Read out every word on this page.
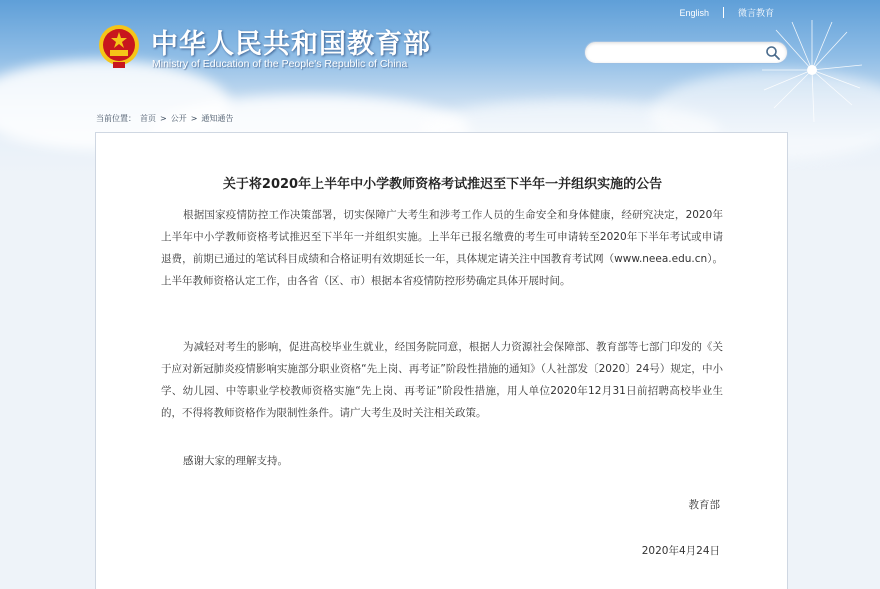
中华人民共和国教育部
Ministry of Education of the People's Republic of China
English	微言教育
当前位置： 首页 > 公开 > 通知通告
关于将2020年上半年中小学教师资格考试推迟至下半年一并组织实施的公告

根据国家疫情防控工作决策部署，切实保障广大考生和涉考工作人员的生命安全和身体健康，经研究决定，2020年上半年中小学教师资格考试推迟至下半年一并组织实施。上半年已报名缴费的考生可申请转至2020年下半年考试或申请退费，前期已通过的笔试科目成绩和合格证明有效期延长一年，具体规定请关注中国教育考试网（www.neea.edu.cn）。上半年教师资格认定工作，由各省（区、市）根据本省疫情防控形势确定具体开展时间。

为减轻对考生的影响，促进高校毕业生就业，经国务院同意，根据人力资源社会保障部、教育部等七部门印发的《关于应对新冠肺炎疫情影响实施部分职业资格“先上岗、再考证”阶段性措施的通知》（人社部发〔2020〕24号）规定，中小学、幼儿园、中等职业学校教师资格实施“先上岗、再考证”阶段性措施，用人单位2020年12月31日前招聘高校毕业生的，不得将教师资格作为限制性条件。请广大考生及时关注相关政策。

感谢大家的理解支持。

教育部
2020年4月24日
